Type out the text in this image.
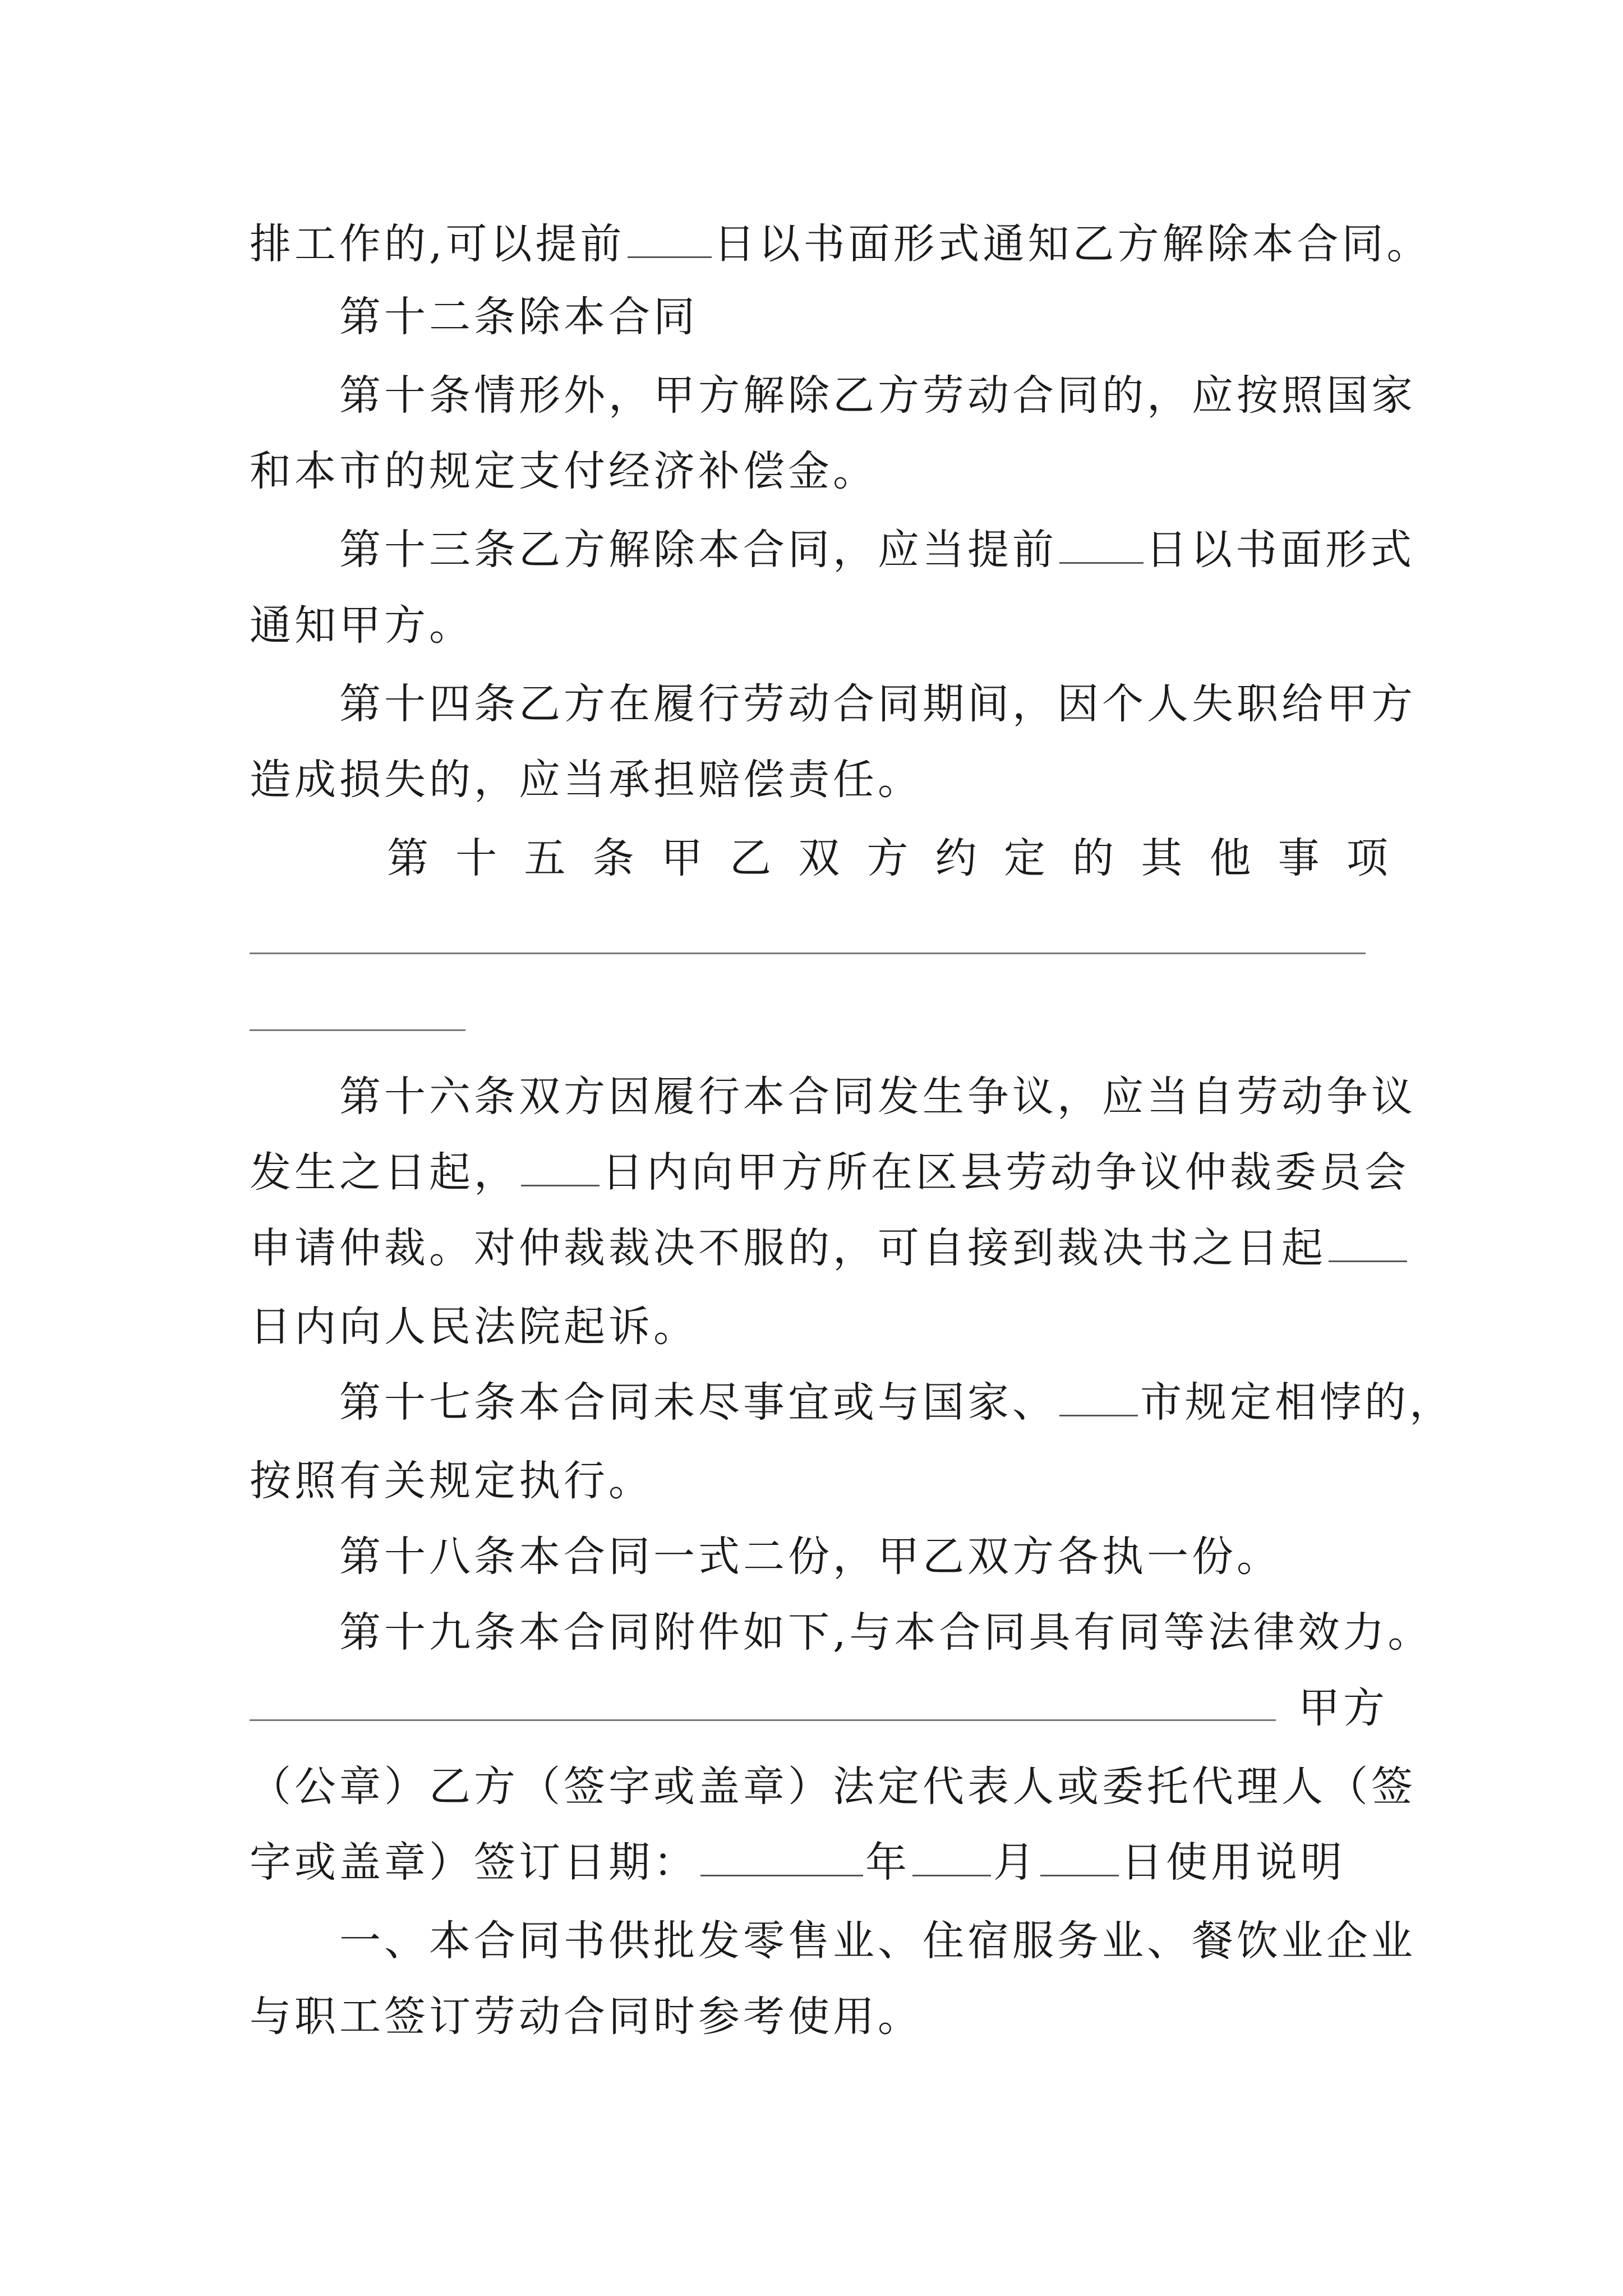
排工作的,可以提前 日以书面形式通知乙方解除本合同。
第十二条除本合同
第十条情形外，甲方解除乙方劳动合同的，应按照国家
和本市的规定支付经济补偿金。
第十三条乙方解除本合同，应当提前 日以书面形式
通知甲方。
第十四条乙方在履行劳动合同期间，因个人失职给甲方
造成损失的，应当承担赔偿责任。
第 十 五 条 甲 乙 双 方 约 定 的 其 他 事 项
第十六条双方因履行本合同发生争议，应当自劳动争议
发生之日起， 日内向甲方所在区县劳动争议仲裁委员会
申请仲裁。对仲裁裁决不服的，可自接到裁决书之日起
日内向人民法院起诉。
第十七条本合同未尽事宜或与国家、 市规定相悖的，
按照有关规定执行。
第十八条本合同一式二份，甲乙双方各执一份。
第十九条本合同附件如下,与本合同具有同等法律效力。
甲方
（公章）乙方（签字或盖章）法定代表人或委托代理人（签
字或盖章）签订日期：	年 月 日使用说明
一、本合同书供批发零售业、住宿服务业、餐饮业企业
与职工签订劳动合同时参考使用。
